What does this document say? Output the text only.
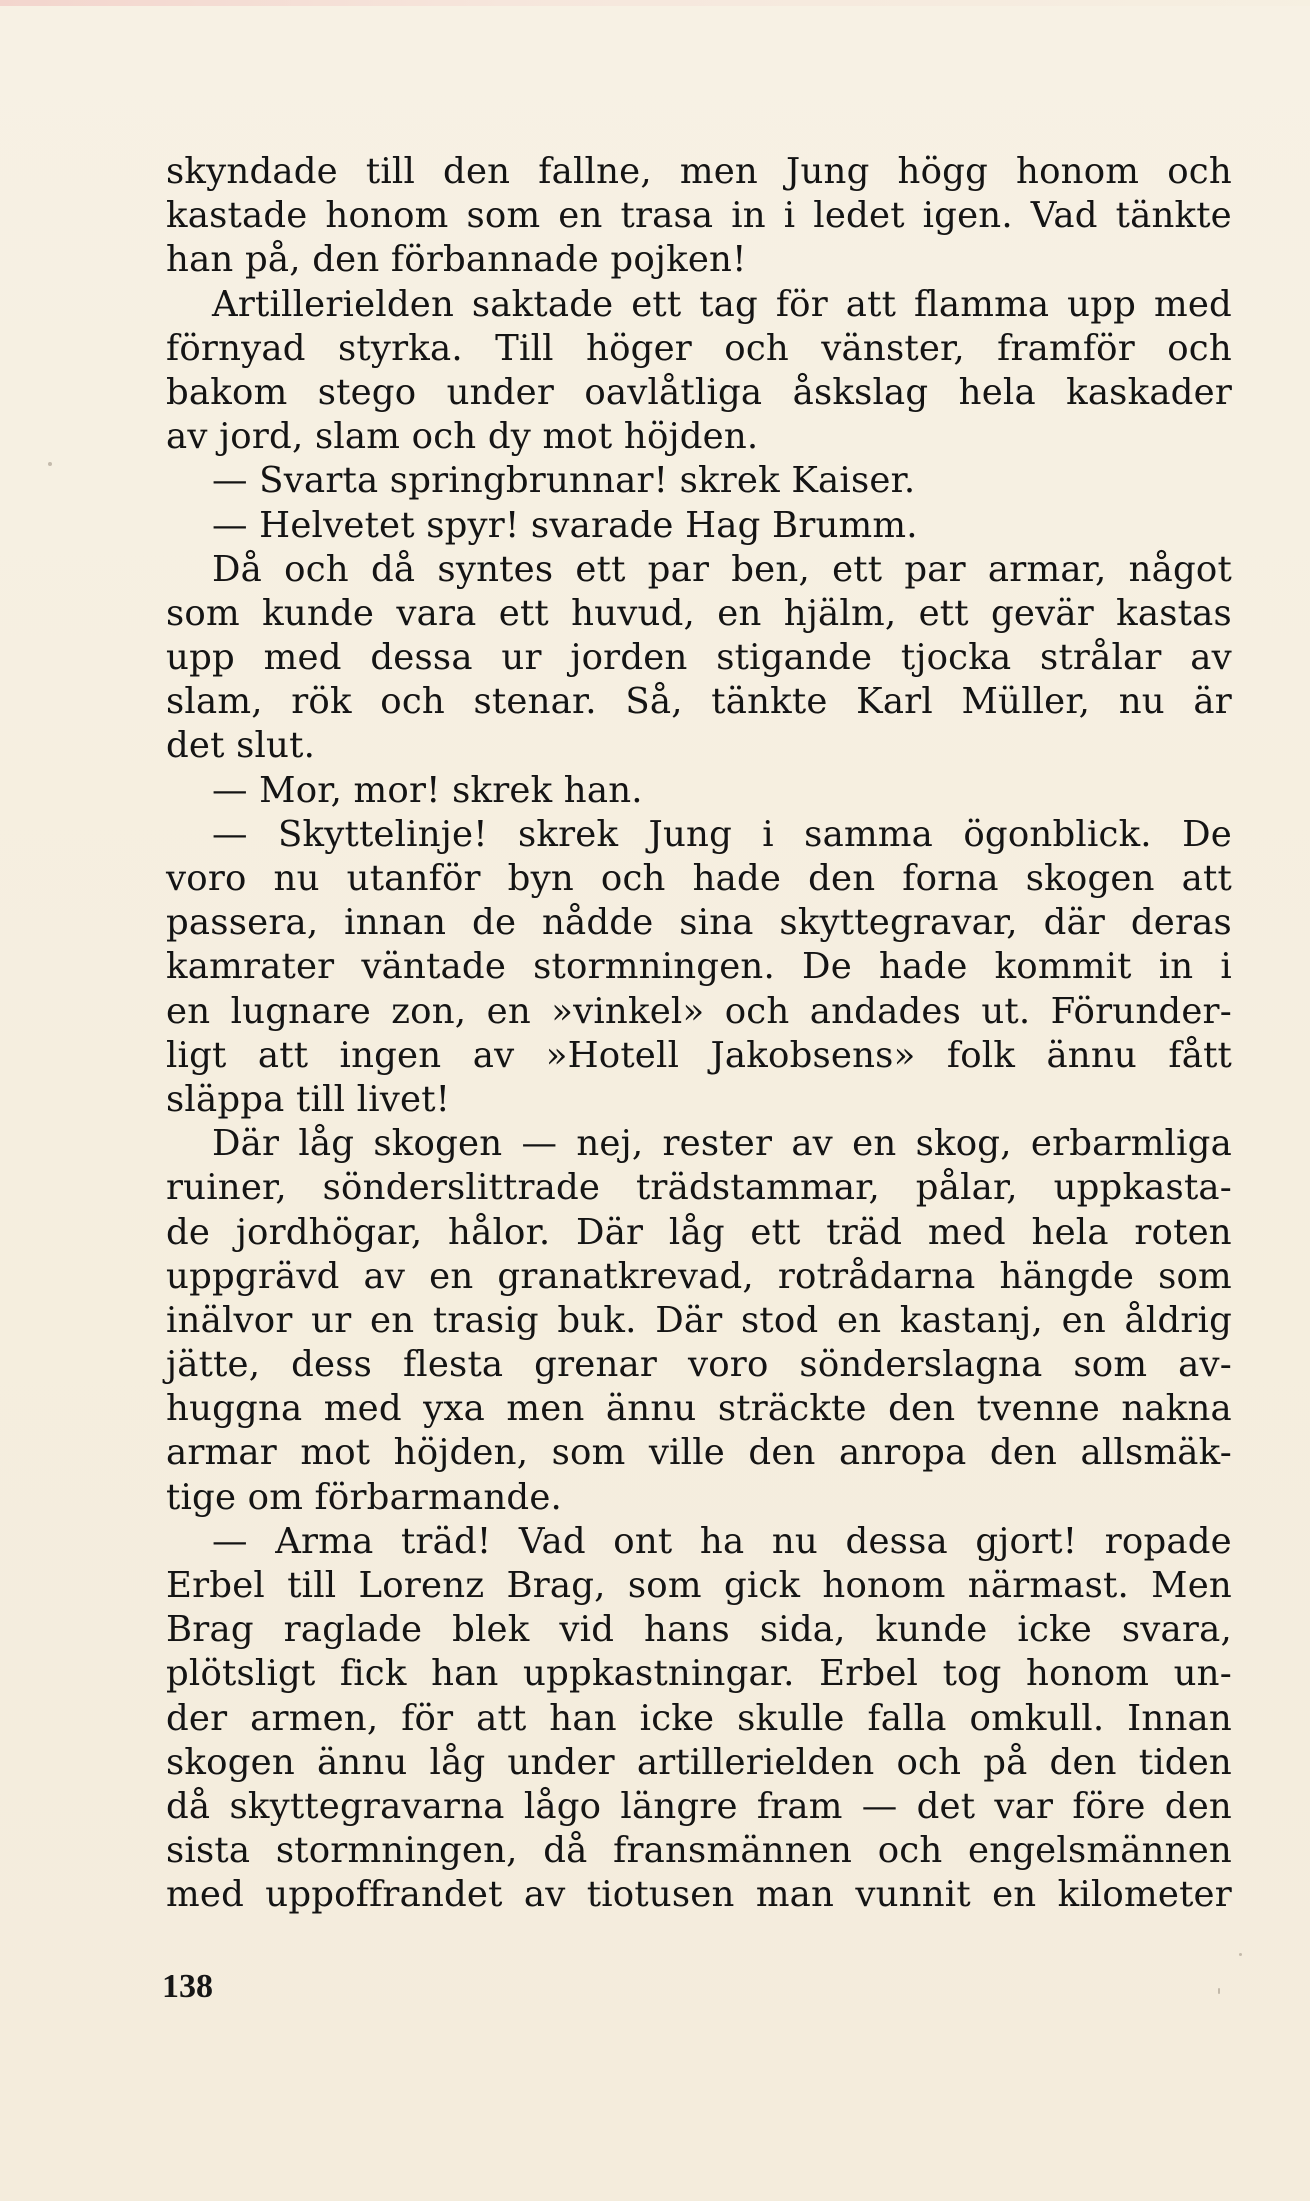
skyndade till den fallne, men Jung högg honom och
kastade honom som en trasa in i ledet igen. Vad tänkte
han på, den förbannade pojken!
Artillerielden saktade ett tag för att flamma upp med
förnyad styrka. Till höger och vänster, framför och
bakom stego under oavlåtliga åskslag hela kaskader
av jord, slam och dy mot höjden.
— Svarta springbrunnar! skrek Kaiser.
— Helvetet spyr! svarade Hag Brumm.
Då och då syntes ett par ben, ett par armar, något
som kunde vara ett huvud, en hjälm, ett gevär kastas
upp med dessa ur jorden stigande tjocka strålar av
slam, rök och stenar. Så, tänkte Karl Müller, nu är
det slut.
— Mor, mor! skrek han.
— Skyttelinje! skrek Jung i samma ögonblick. De
voro nu utanför byn och hade den forna skogen att
passera, innan de nådde sina skyttegravar, där deras
kamrater väntade stormningen. De hade kommit in i
en lugnare zon, en »vinkel» och andades ut. Förunder-
ligt att ingen av »Hotell Jakobsens» folk ännu fått
släppa till livet!
Där låg skogen — nej, rester av en skog, erbarmliga
ruiner, sönderslittrade trädstammar, pålar, uppkasta-
de jordhögar, hålor. Där låg ett träd med hela roten
uppgrävd av en granatkrevad, rotrådarna hängde som
inälvor ur en trasig buk. Där stod en kastanj, en åldrig
jätte, dess flesta grenar voro sönderslagna som av-
huggna med yxa men ännu sträckte den tvenne nakna
armar mot höjden, som ville den anropa den allsmäk-
tige om förbarmande.
— Arma träd! Vad ont ha nu dessa gjort! ropade
Erbel till Lorenz Brag, som gick honom närmast. Men
Brag raglade blek vid hans sida, kunde icke svara,
plötsligt fick han uppkastningar. Erbel tog honom un-
der armen, för att han icke skulle falla omkull. Innan
skogen ännu låg under artillerielden och på den tiden
då skyttegravarna lågo längre fram — det var före den
sista stormningen, då fransmännen och engelsmännen
med uppoffrandet av tiotusen man vunnit en kilometer
138
